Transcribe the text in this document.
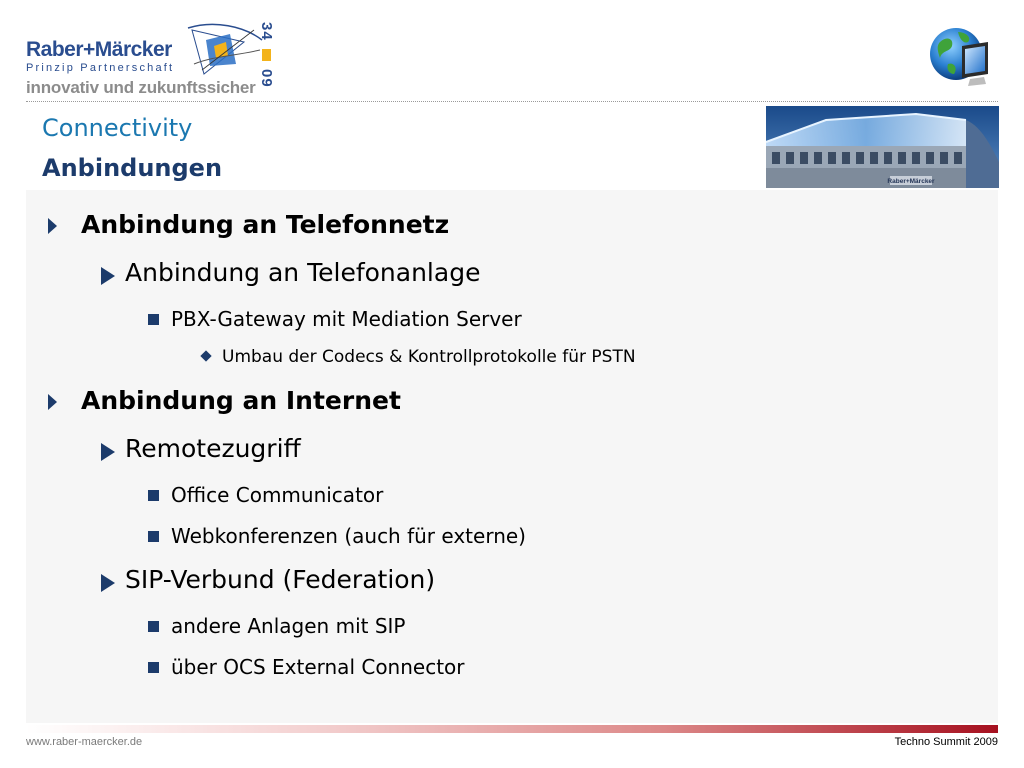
Raber+Märcker
Prinzip Partnerschaft
innovativ und zukunftssicher
34  09
Raber+Märcker
Connectivity
Anbindungen
Anbindung an Telefonnetz
Anbindung an Telefonanlage
PBX-Gateway mit Mediation Server
Umbau der Codecs & Kontrollprotokolle für PSTN
Anbindung an Internet
Remotezugriff
Office Communicator
Webkonferenzen (auch für externe)
SIP-Verbund (Federation)
andere Anlagen mit SIP
über OCS External Connector
www.raber-maercker.de	Techno Summit 2009
